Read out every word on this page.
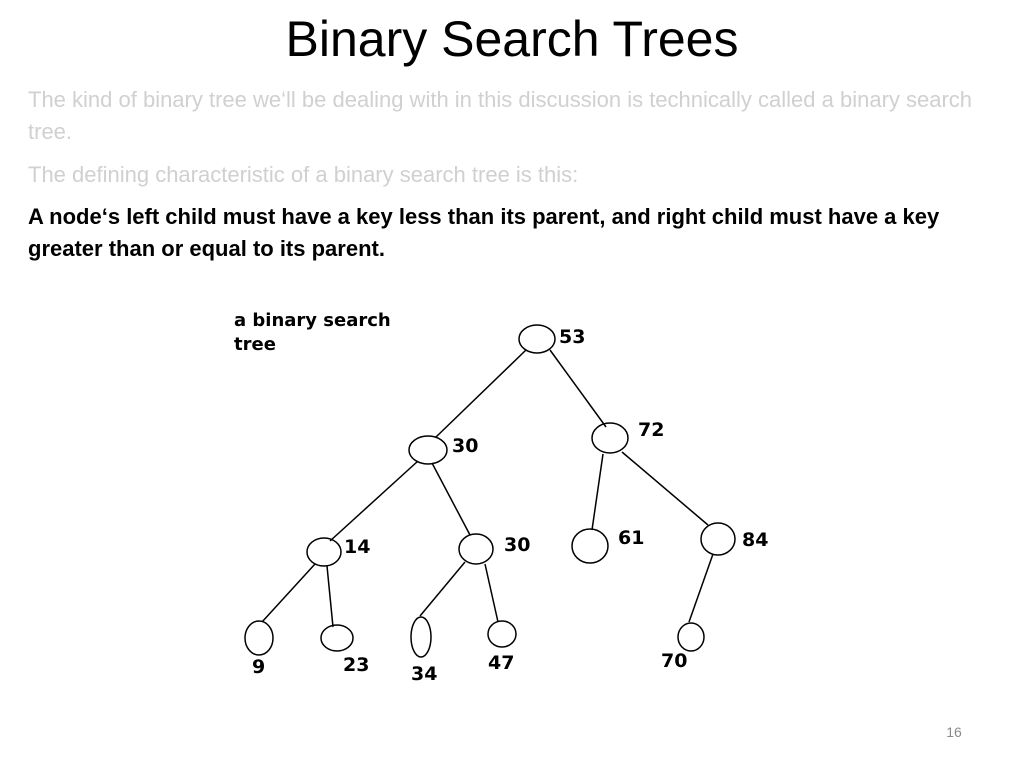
Binary Search Trees
The kind of binary tree we‘ll be dealing with in this discussion is technically called a binary search tree.
The defining characteristic of a binary search tree is this:
A node‘s left child must have a key less than its parent, and right child must have a key greater than or equal to its parent.
a binary search
tree	53
72
30
14	30	61	84
9	23 34	47	70
16
